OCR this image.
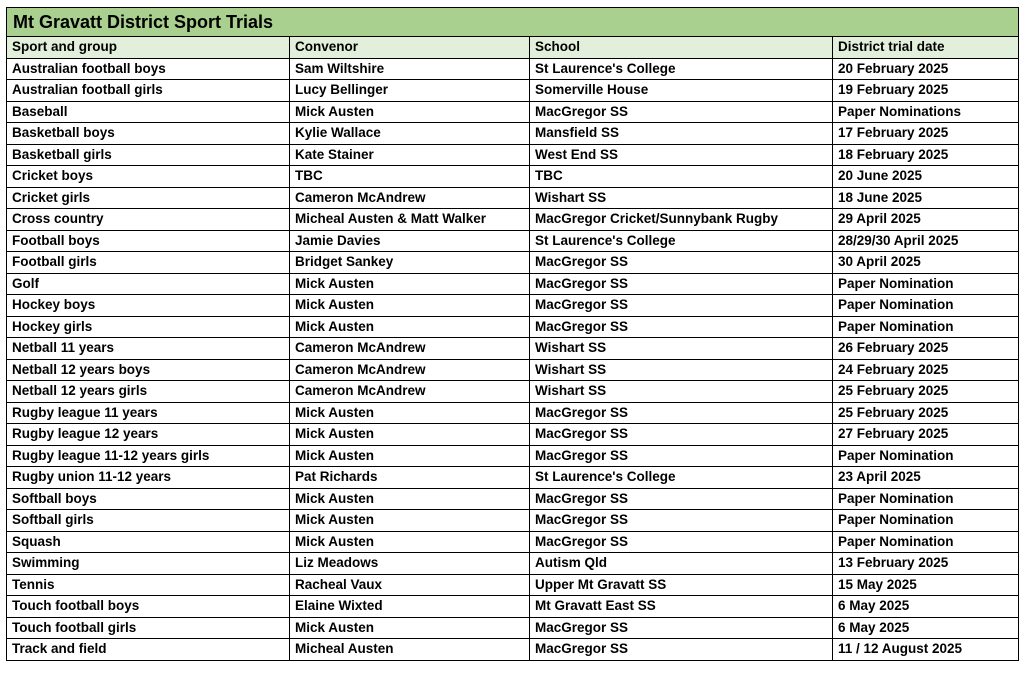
Mt Gravatt District Sport Trials			
Sport and group	Convenor	School	District trial date
Australian football boys	Sam Wiltshire	St Laurence's College	20 February 2025
Australian football girls	Lucy Bellinger	Somerville House	19 February 2025
Baseball	Mick Austen	MacGregor SS	Paper Nominations
Basketball boys	Kylie Wallace	Mansfield SS	17 February 2025
Basketball girls	Kate Stainer	West End SS	18 February 2025
Cricket boys	TBC	TBC	20 June 2025
Cricket girls	Cameron McAndrew	Wishart SS	18 June 2025
Cross country	Micheal Austen & Matt Walker	MacGregor Cricket/Sunnybank Rugby	29 April 2025
Football boys	Jamie Davies	St Laurence's College	28/29/30 April 2025
Football girls	Bridget Sankey	MacGregor SS	30 April 2025
Golf	Mick Austen	MacGregor SS	Paper Nomination
Hockey boys	Mick Austen	MacGregor SS	Paper Nomination
Hockey girls	Mick Austen	MacGregor SS	Paper Nomination
Netball 11 years	Cameron McAndrew	Wishart SS	26 February 2025
Netball 12 years boys	Cameron McAndrew	Wishart SS	24 February 2025
Netball 12 years girls	Cameron McAndrew	Wishart SS	25 February 2025
Rugby league 11 years	Mick Austen	MacGregor SS	25 February 2025
Rugby league 12 years	Mick Austen	MacGregor SS	27 February 2025
Rugby league 11-12 years girls	Mick Austen	MacGregor SS	Paper Nomination
Rugby union 11-12 years	Pat Richards	St Laurence's College	23 April 2025
Softball boys	Mick Austen	MacGregor SS	Paper Nomination
Softball girls	Mick Austen	MacGregor SS	Paper Nomination
Squash	Mick Austen	MacGregor SS	Paper Nomination
Swimming	Liz Meadows	Autism Qld	13 February 2025
Tennis	Racheal Vaux	Upper Mt Gravatt SS	15 May 2025
Touch football boys	Elaine Wixted	Mt Gravatt East SS	6 May 2025
Touch football girls	Mick Austen	MacGregor SS	6 May 2025
Track and field	Micheal Austen	MacGregor SS	11 / 12 August 2025
